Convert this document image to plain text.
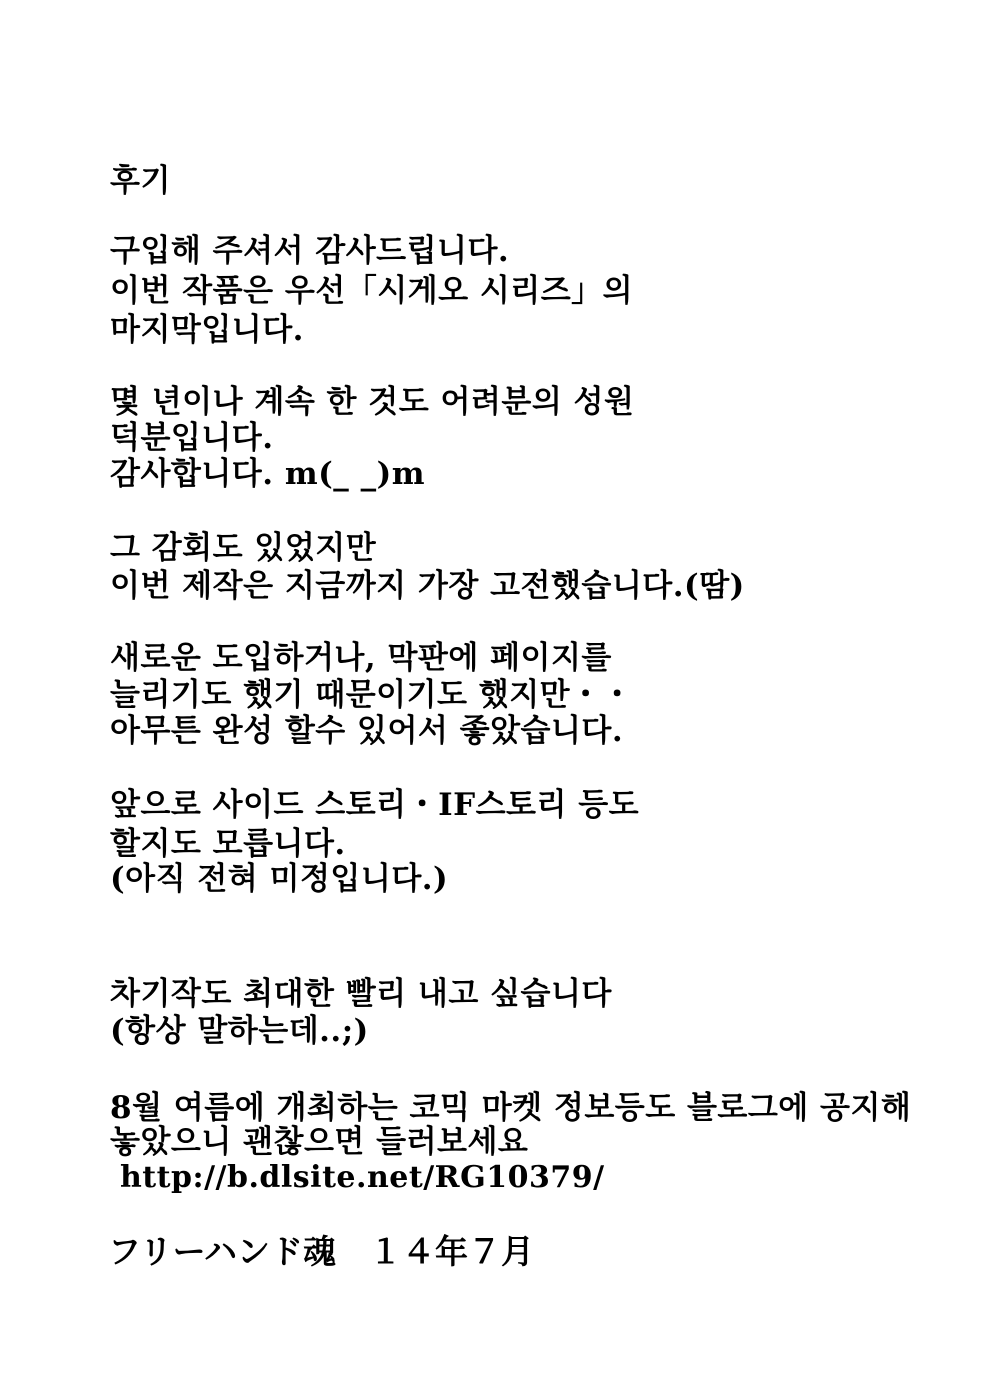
후기
구입해 주셔서 감사드립니다.
이번 작품은 우선「시게오 시리즈」의
마지막입니다.
몇 년이나 계속 한 것도 어려분의 성원
덕분입니다.
감사합니다. m(_ _)m
그 감회도 있었지만
이번 제작은 지금까지 가장 고전했습니다.(땀)
새로운 도입하거나, 막판에 페이지를
늘리기도 했기 때문이기도 했지만・・
아무튼 완성 할수 있어서 좋았습니다.
앞으로 사이드 스토리・IF스토리 등도
할지도 모릅니다.
(아직 전혀 미정입니다.)
차기작도 최대한 빨리 내고 싶습니다
(항상 말하는데..;)
8월 여름에 개최하는 코믹 마켓 정보등도 블로그에 공지해
놓았으니 괜찮으면 들러보세요
http://b.dlsite.net/RG10379/
フリーハンド魂　１４年７月
